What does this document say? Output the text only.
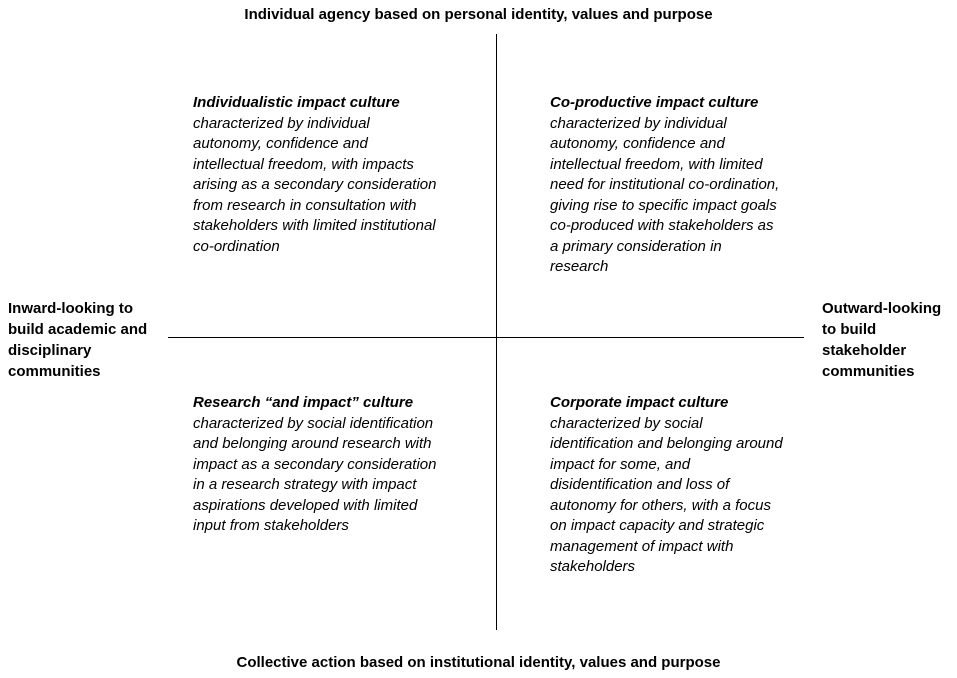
Individual agency based on personal identity, values and purpose
Collective action based on institutional identity, values and purpose
Inward-looking to build academic and disciplinary communities
Outward-looking to build stakeholder communities
Individualistic impact culture characterized by individual autonomy, confidence and intellectual freedom, with impacts arising as a secondary consideration from research in consultation with stakeholders with limited institutional co-ordination
Co-productive impact culture characterized by individual autonomy, confidence and intellectual freedom, with limited need for institutional co-ordination, giving rise to specific impact goals co-produced with stakeholders as a primary consideration in research
Research “and impact” culture characterized by social identification and belonging around research with impact as a secondary consideration in a research strategy with impact aspirations developed with limited input from stakeholders
Corporate impact culture characterized by social identification and belonging around impact for some, and disidentification and loss of autonomy for others, with a focus on impact capacity and strategic management of impact with stakeholders
